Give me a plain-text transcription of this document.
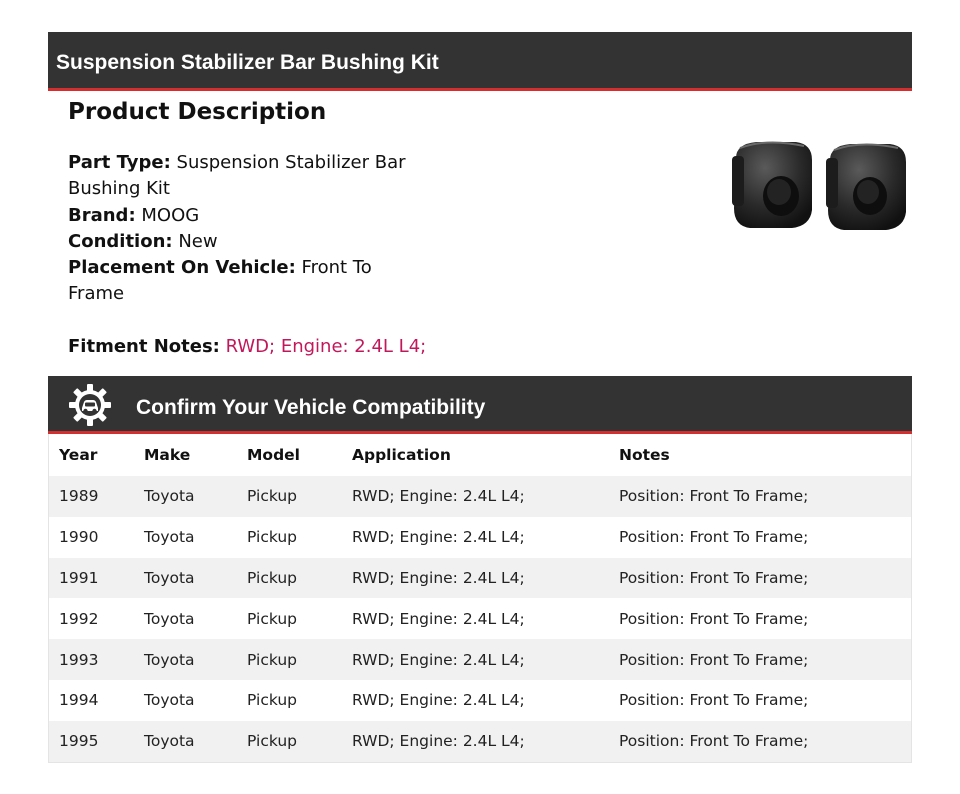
Suspension Stabilizer Bar Bushing Kit
Product Description
Part Type: Suspension Stabilizer Bar Bushing Kit
Brand: MOOG
Condition: New
Placement On Vehicle: Front To Frame
Fitment Notes: RWD; Engine: 2.4L L4;
Confirm Your Vehicle Compatibility
Year	Make	Model	Application	Notes
1989	Toyota	Pickup	RWD; Engine: 2.4L L4;	Position: Front To Frame;
1990	Toyota	Pickup	RWD; Engine: 2.4L L4;	Position: Front To Frame;
1991	Toyota	Pickup	RWD; Engine: 2.4L L4;	Position: Front To Frame;
1992	Toyota	Pickup	RWD; Engine: 2.4L L4;	Position: Front To Frame;
1993	Toyota	Pickup	RWD; Engine: 2.4L L4;	Position: Front To Frame;
1994	Toyota	Pickup	RWD; Engine: 2.4L L4;	Position: Front To Frame;
1995	Toyota	Pickup	RWD; Engine: 2.4L L4;	Position: Front To Frame;
